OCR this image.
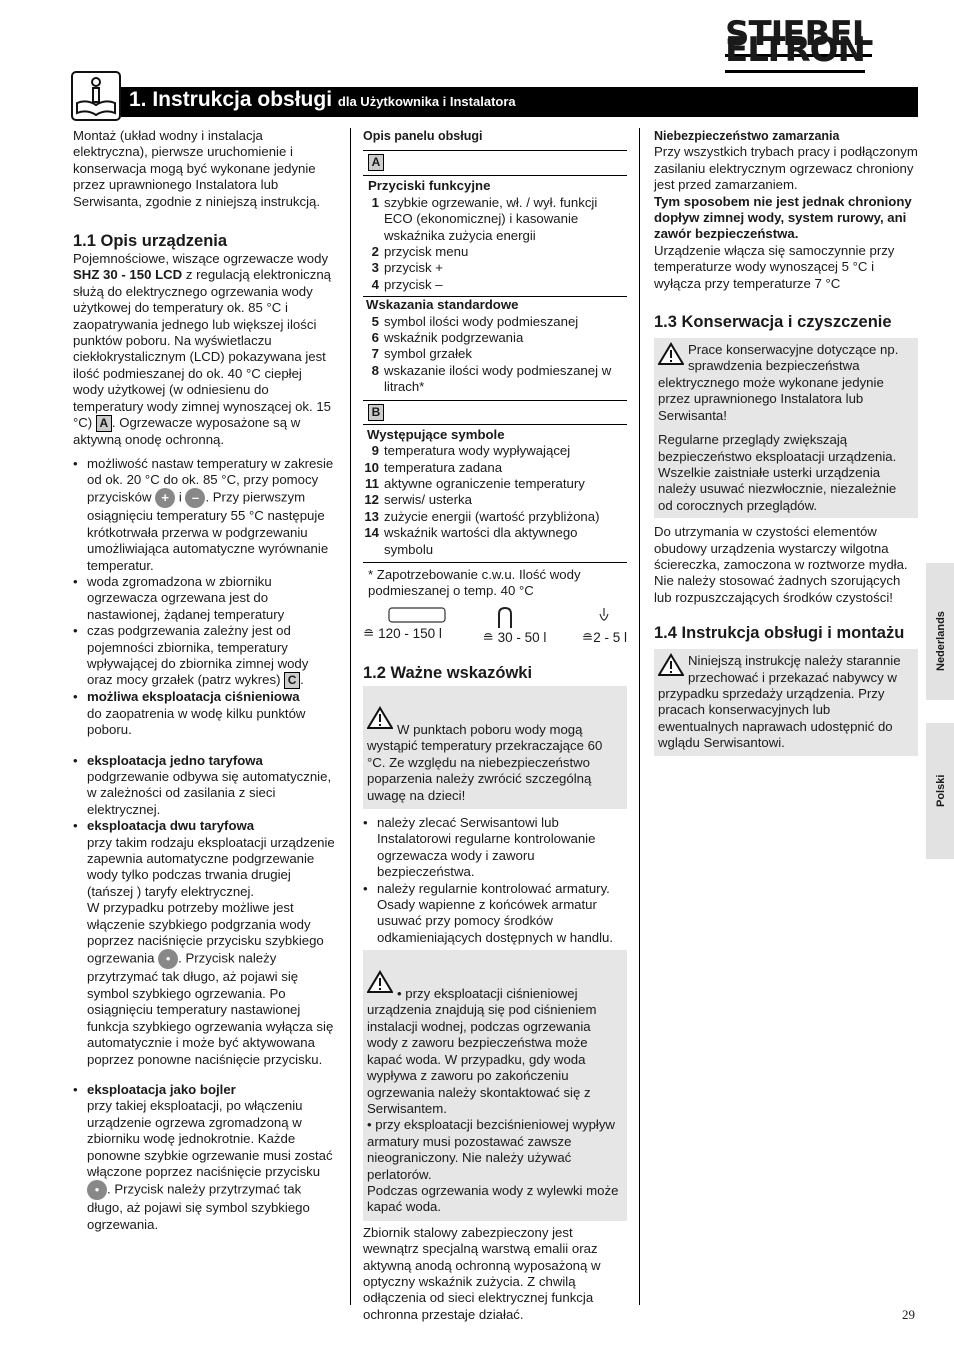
STIEBEL ELTRON
1. Instrukcja obsługi dla Użytkownika i Instalatora

Montaż (układ wodny i instalacja elektryczna), pierwsze uruchomienie i konserwacja mogą być wykonane jedynie przez uprawnionego Instalatora lub Serwisanta, zgodnie z niniejszą instrukcją.

1.1 Opis urządzenia

Pojemnościowe, wiszące ogrzewacze wody SHZ 30 - 150 LCD z regulacją elektroniczną służą do elektrycznego ogrzewania wody użytkowej do temperatury ok. 85 °C i zaopatrywania jednego lub większej ilości punktów poboru. Na wyświetlaczu ciekłokrystalicznym (LCD) pokazywana jest ilość podmieszanej do ok. 40 °C ciepłej wody użytkowej (w odniesienu do temperatury wody zimnej wynoszącej ok. 15 °C) A . Ogrzewacze wyposażone są w aktywną onodę ochronną.

• możliwość nastaw temperatury w zakresie od ok. 20 °C do ok. 85 °C, przy pomocy przycisków + i – . Przy pierwszym osiągnięciu temperatury 55 °C następuje krótkotrwała przerwa w podgrzewaniu umożliwiająca automatyczne wyrównanie temperatur.
• woda zgromadzona w zbiorniku ogrzewacza ogrzewana jest do nastawionej, żądanej temperatury
• czas podgrzewania zależny jest od pojemności zbiornika, temperatury wpływającej do zbiornika zimnej wody oraz mocy grzałek (patrz wykres) C .
• możliwa eksploatacja ciśnieniowa
do zaopatrenia w wodę kilku punktów poboru.
• eksploatacja jedno taryfowa
podgrzewanie odbywa się automatycznie, w zależności od zasilania z sieci elektrycznej.
• eksploatacja dwu taryfowa
przy takim rodzaju eksploatacji urządzenie zapewnia automatyczne podgrzewanie wody tylko podczas trwania drugiej (tańszej ) taryfy elektrycznej.
W przypadku potrzeby możliwe jest włączenie szybkiego podgrzania wody poprzez naciśnięcie przycisku szybkiego ogrzewania ● . Przycisk należy przytrzymać tak długo, aż pojawi się symbol szybkiego ogrzewania. Po osiągnięciu temperatury nastawionej funkcja szybkiego ogrzewania wyłącza się automatycznie i może być aktywowana poprzez ponowne naciśnięcie przycisku.
• eksploatacja jako bojler
przy takiej eksploatacji, po włączeniu urządzenie ogrzewa zgromadzoną w zbiorniku wodę jednokrotnie. Każde ponowne szybkie ogrzewanie musi zostać włączone poprzez naciśnięcie przycisku ● . Przycisk należy przytrzymać tak długo, aż pojawi się symbol szybkiego ogrzewania.

Opis panelu obsługi

A

Przyciski funkcyjne

1 szybkie ogrzewanie, wł. / wył. funkcji ECO (ekonomicznej) i kasowanie wskaźnika zużycia energii
2 przycisk menu
3 przycisk +
4 przycisk –

Wskazania standardowe

5 symbol ilości wody podmieszanej
6 wskaźnik podgrzewania
7 symbol grzałek
8 wskazanie ilości wody podmieszanej w litrach*
B

Występujące symbole

9 temperatura wody wypływającej
10 temperatura zadana
11 aktywne ograniczenie temperatury
12 serwis/ usterka
13 zużycie energii (wartość przybliżona)
14 wskaźnik wartości dla aktywnego symbolu

* Zapotrzebowanie c.w.u. Ilość wody podmieszanej o temp. 40 °C

≘ 120 - 150 l	≘ 30 - 50 l	≘2 - 5 l
1.2 Ważne wskazówki

W punktach poboru wody mogą wystąpić temperatury przekraczające 60 °C. Ze względu na niebezpieczeństwo poparzenia należy zwrócić szczególną uwagę na dzieci!

• należy zlecać Serwisantowi lub Instalatorowi regularne kontrolowanie ogrzewacza wody i zaworu bezpieczeństwa.
• należy regularnie kontrolować armatury. Osady wapienne z końcówek armatur usuwać przy pomocy środków odkamieniających dostępnych w handlu.

• przy eksploatacji ciśnieniowej urządzenia znajdują się pod ciśnieniem instalacji wodnej, podczas ogrzewania wody z zaworu bezpieczeństwa może kapać woda. W przypadku, gdy woda wypływa z zaworu po zakończeniu ogrzewania należy skontaktować się z Serwisantem.
• przy eksploatacji bezciśnieniowej wypływ armatury musi pozostawać zawsze nieograniczony. Nie należy używać perlatorów.
Podczas ogrzewania wody z wylewki może kapać woda.

Zbiornik stalowy zabezpieczony jest wewnątrz specjalną warstwą emalii oraz aktywną anodą ochronną wyposażoną w optyczny wskaźnik zużycia. Z chwilą odłączenia od sieci elektrycznej funkcja ochronna przestaje działać.

Niebezpieczeństwo zamarzania

Przy wszystkich trybach pracy i podłączonym zasilaniu elektrycznym ogrzewacz chroniony jest przed zamarzaniem.

Tym sposobem nie jest jednak chroniony dopływ zimnej wody, system rurowy, ani zawór bezpieczeństwa.

Urządzenie włącza się samoczynnie przy temperaturze wody wynoszącej 5 °C i wyłącza przy temperaturze 7 °C

1.3 Konserwacja i czyszczenie

Prace konserwacyjne dotyczące np. sprawdzenia bezpieczeństwa elektrycznego może wykonane jedynie przez uprawnionego Instalatora lub Serwisanta!

Regularne przeglądy zwiększają bezpieczeństwo eksploatacji urządzenia. Wszelkie zaistniałe usterki urządzenia należy usuwać niezwłocznie, niezależnie od corocznych przeglądów.

Do utrzymania w czystości elementów obudowy urządzenia wystarczy wilgotna ściereczka, zamoczona w roztworze mydła. Nie należy stosować żadnych szorujących lub rozpuszczających środków czystości!

1.4 Instrukcja obsługi i montażu

Niniejszą instrukcję należy starannie przechować i przekazać nabywcy w przypadku sprzedaży urządzenia. Przy pracach konserwacyjnych lub ewentualnych naprawach udostępnić do wglądu Serwisantowi.

Nederlands
Polski
29
